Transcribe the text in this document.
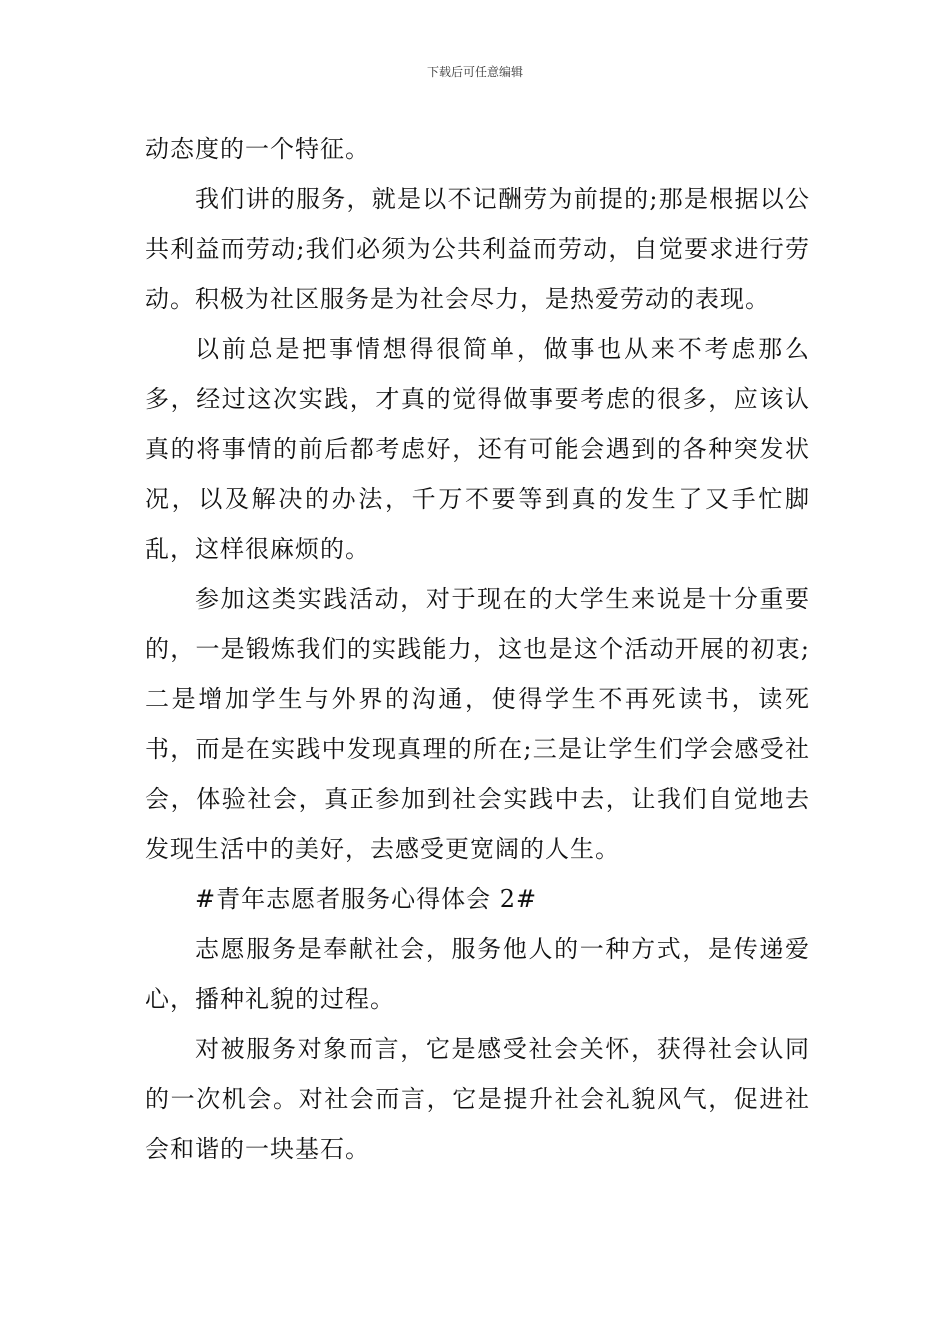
下载后可任意编辑

动态度的一个特征。

我们讲的服务，就是以不记酬劳为前提的;那是根据以公共利益而劳动;我们必须为公共利益而劳动，自觉要求进行劳动。积极为社区服务是为社会尽力，是热爱劳动的表现。

以前总是把事情想得很简单，做事也从来不考虑那么多，经过这次实践，才真的觉得做事要考虑的很多，应该认真的将事情的前后都考虑好，还有可能会遇到的各种突发状况，以及解决的办法，千万不要等到真的发生了又手忙脚乱，这样很麻烦的。

参加这类实践活动，对于现在的大学生来说是十分重要的，一是锻炼我们的实践能力，这也是这个活动开展的初衷;二是增加学生与外界的沟通，使得学生不再死读书，读死书，而是在实践中发现真理的所在;三是让学生们学会感受社会，体验社会，真正参加到社会实践中去，让我们自觉地去发现生活中的美好，去感受更宽阔的人生。

#青年志愿者服务心得体会 2#

志愿服务是奉献社会，服务他人的一种方式，是传递爱心，播种礼貌的过程。

对被服务对象而言，它是感受社会关怀，获得社会认同的一次机会。对社会而言，它是提升社会礼貌风气，促进社会和谐的一块基石。
